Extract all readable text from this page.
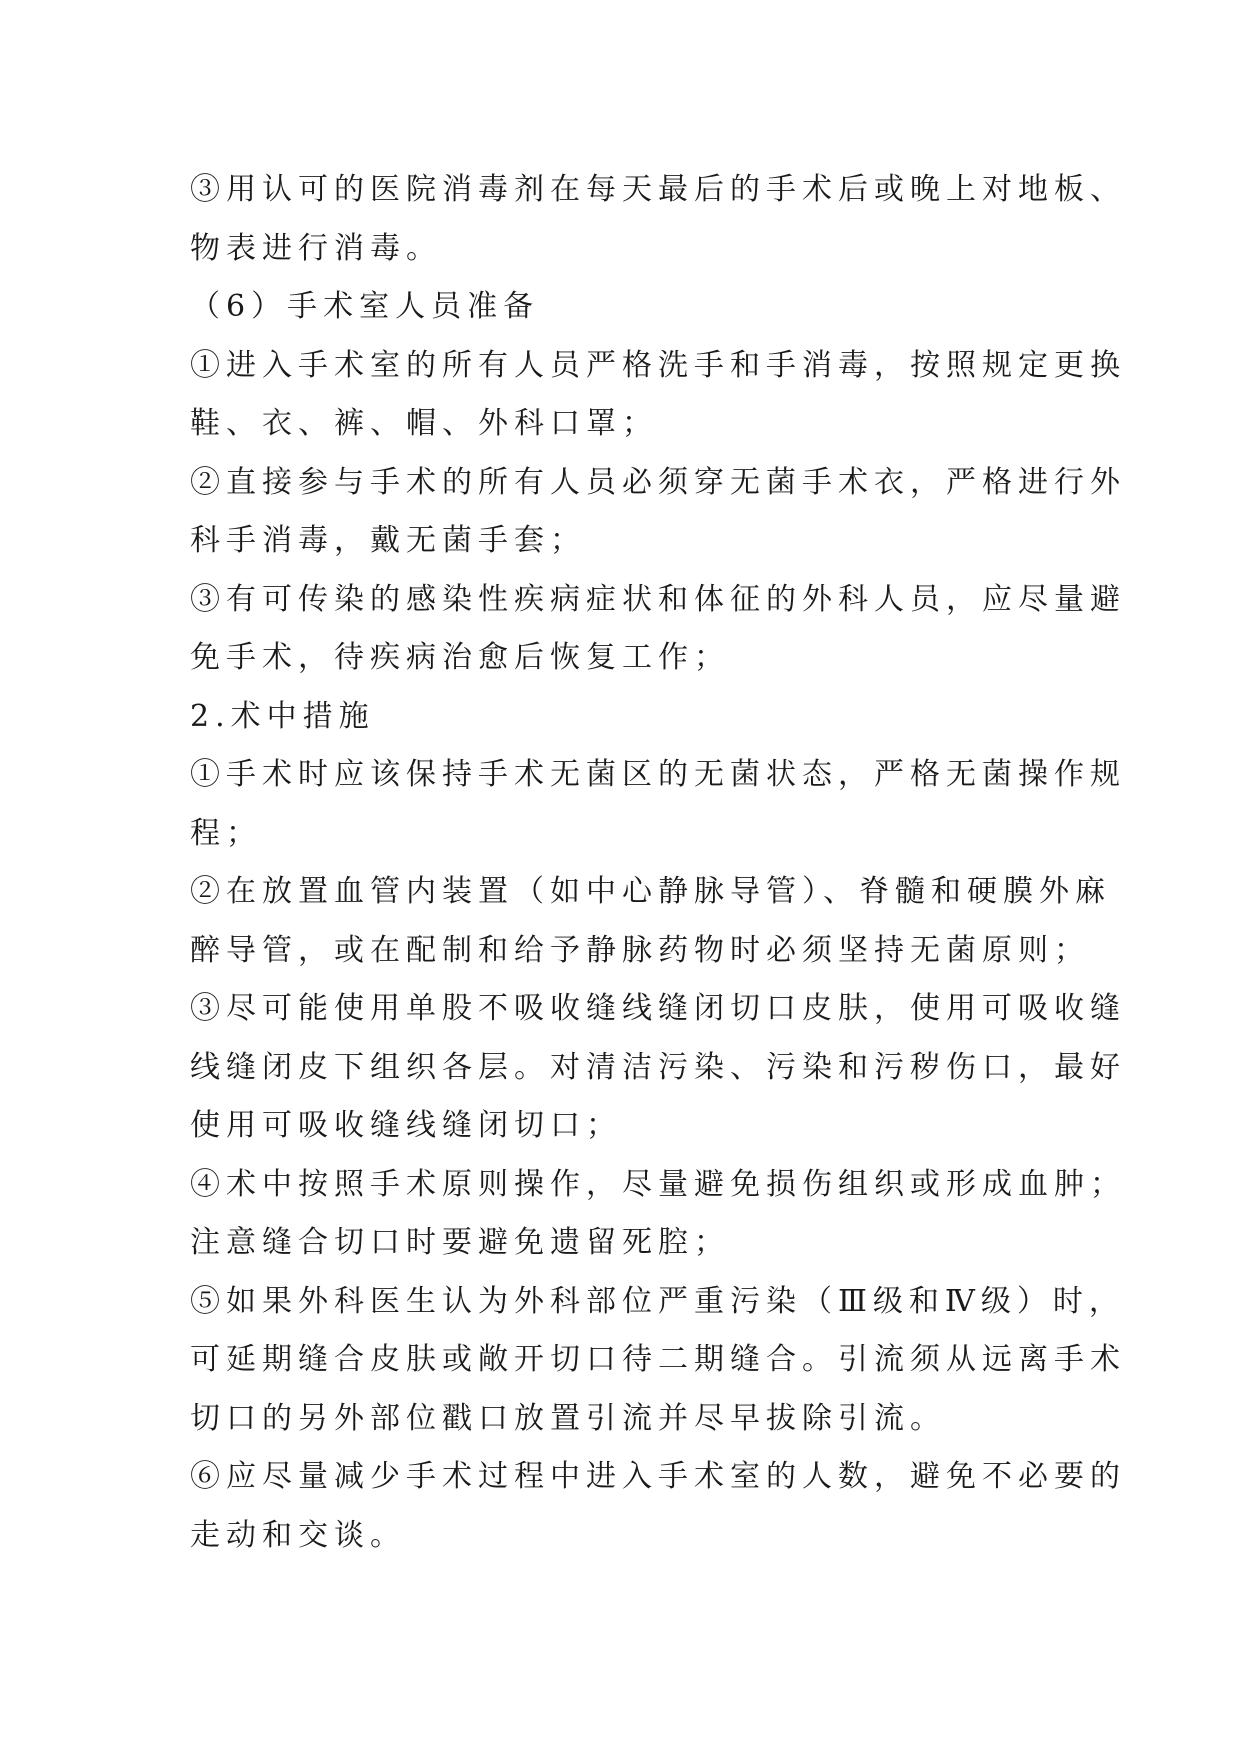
③用认可的医院消毒剂在每天最后的手术后或晚上对地板、
物表进行消毒。
（6）手术室人员准备
①进入手术室的所有人员严格洗手和手消毒，按照规定更换
鞋、衣、裤、帽、外科口罩；
②直接参与手术的所有人员必须穿无菌手术衣，严格进行外
科手消毒，戴无菌手套；
③有可传染的感染性疾病症状和体征的外科人员，应尽量避
免手术，待疾病治愈后恢复工作；
2.术中措施
①手术时应该保持手术无菌区的无菌状态，严格无菌操作规
程；
②在放置血管内装置（如中心静脉导管）、脊髓和硬膜外麻
醉导管，或在配制和给予静脉药物时必须坚持无菌原则；
③尽可能使用单股不吸收缝线缝闭切口皮肤，使用可吸收缝
线缝闭皮下组织各层。对清洁污染、污染和污秽伤口，最好
使用可吸收缝线缝闭切口；
④术中按照手术原则操作，尽量避免损伤组织或形成血肿；
注意缝合切口时要避免遗留死腔；
⑤如果外科医生认为外科部位严重污染（Ⅲ级和Ⅳ级）时，
可延期缝合皮肤或敞开切口待二期缝合。引流须从远离手术
切口的另外部位戳口放置引流并尽早拔除引流。
⑥应尽量减少手术过程中进入手术室的人数，避免不必要的
走动和交谈。
